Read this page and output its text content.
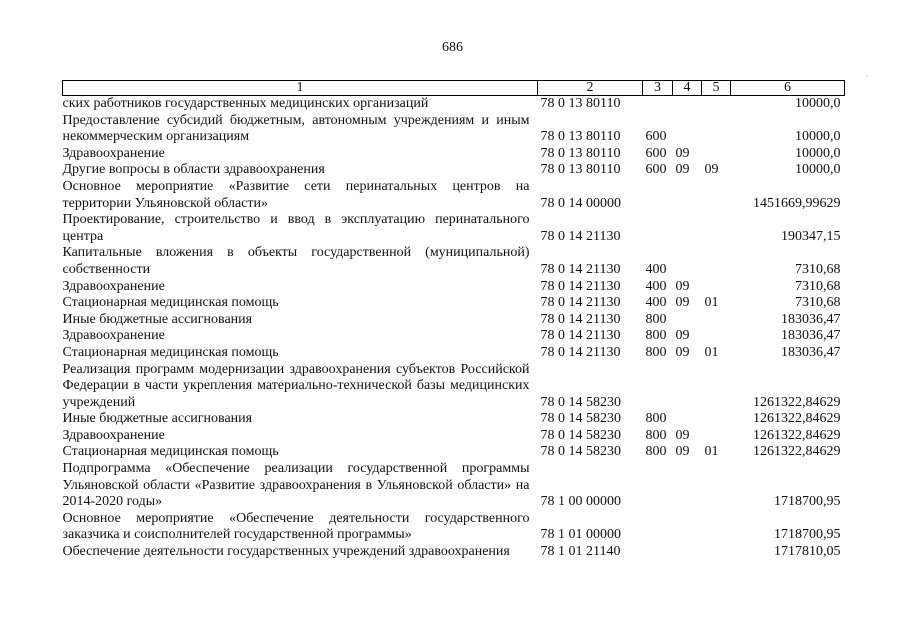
686
·
1	2	3	4	5	6
ских работников государственных медицинских организаций	78 0 13 80110				10000,0
Предоставление субсидий бюджетным, автономным учреждениям и иным некоммерческим организациям	78 0 13 80110	600			10000,0
Здравоохранение	78 0 13 80110	600	09		10000,0
Другие вопросы в области здравоохранения	78 0 13 80110	600	09	09	10000,0
Основное мероприятие «Развитие сети перинатальных центров на территории Ульяновской области»	78 0 14 00000				1451669,99629
Проектирование, строительство и ввод в эксплуатацию перинатального центра	78 0 14 21130				190347,15
Капитальные вложения в объекты государственной (муниципальной) собственности	78 0 14 21130	400			7310,68
Здравоохранение	78 0 14 21130	400	09		7310,68
Стационарная медицинская помощь	78 0 14 21130	400	09	01	7310,68
Иные бюджетные ассигнования	78 0 14 21130	800			183036,47
Здравоохранение	78 0 14 21130	800	09		183036,47
Стационарная медицинская помощь	78 0 14 21130	800	09	01	183036,47
Реализация программ модернизации здравоохранения субъектов Российской Федерации в части укрепления материально-технической базы медицинских учреждений	78 0 14 58230				1261322,84629
Иные бюджетные ассигнования	78 0 14 58230	800			1261322,84629
Здравоохранение	78 0 14 58230	800	09		1261322,84629
Стационарная медицинская помощь	78 0 14 58230	800	09	01	1261322,84629
Подпрограмма «Обеспечение реализации государственной программы Ульяновской области «Развитие здравоохранения в Ульяновской области» на 2014-2020 годы»	78 1 00 00000				1718700,95
Основное мероприятие «Обеспечение деятельности государственного заказчика и соисполнителей государственной программы»	78 1 01 00000				1718700,95
Обеспечение деятельности государственных учреждений здравоохранения	78 1 01 21140				1717810,05
